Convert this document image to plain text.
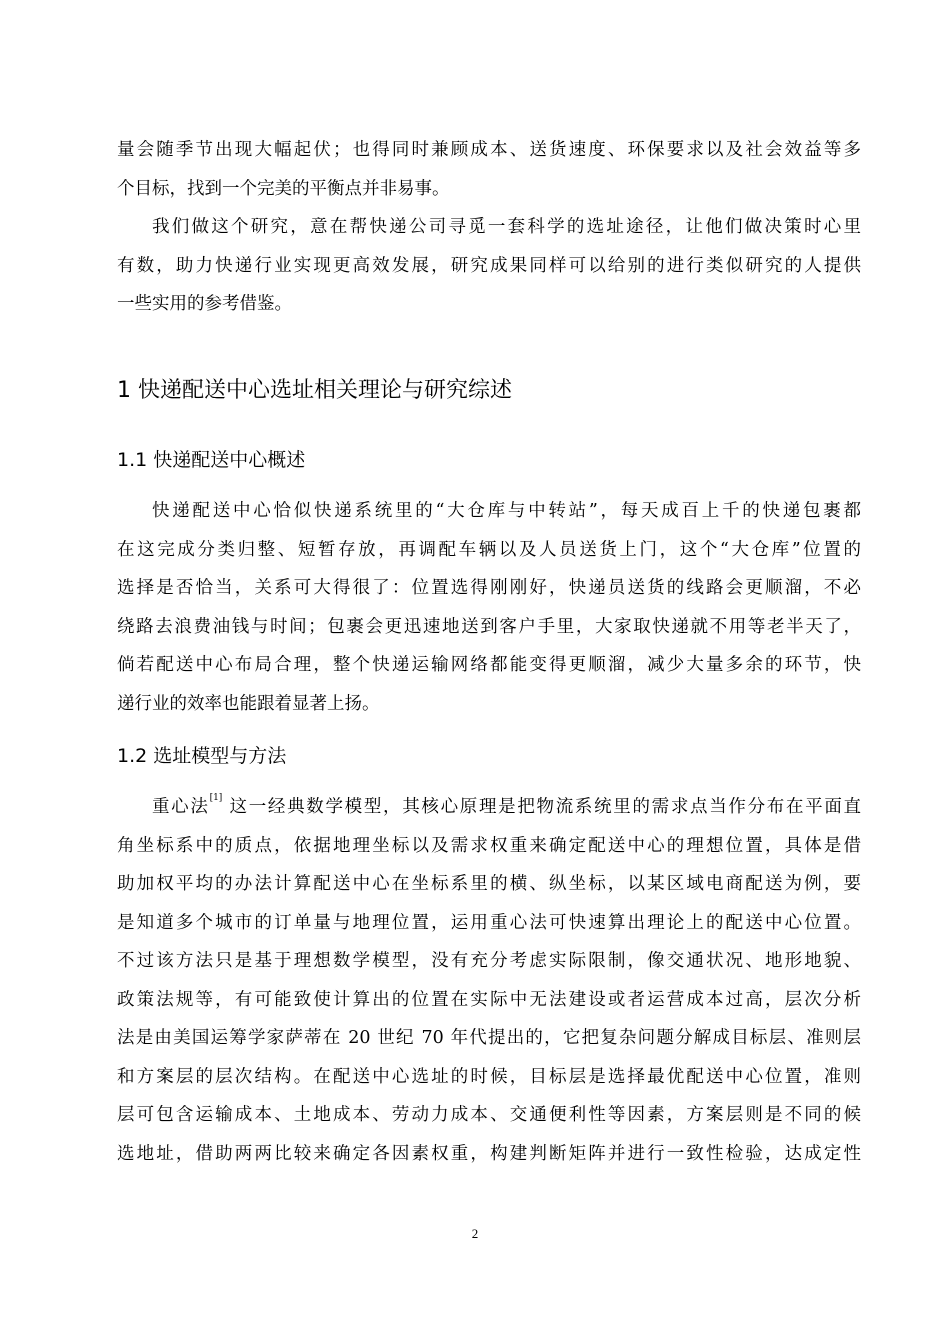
量会随季节出现大幅起伏；也得同时兼顾成本、送货速度、环保要求以及社会效益等多
个目标，找到一个完美的平衡点并非易事。
我们做这个研究，意在帮快递公司寻觅一套科学的选址途径，让他们做决策时心里
有数，助力快递行业实现更高效发展，研究成果同样可以给别的进行类似研究的人提供
一些实用的参考借鉴。
1 快递配送中心选址相关理论与研究综述
1.1 快递配送中心概述
快递配送中心恰似快递系统里的“大仓库与中转站”，每天成百上千的快递包裹都
在这完成分类归整、短暂存放，再调配车辆以及人员送货上门，这个“大仓库”位置的
选择是否恰当，关系可大得很了：位置选得刚刚好，快递员送货的线路会更顺溜，不必
绕路去浪费油钱与时间；包裹会更迅速地送到客户手里，大家取快递就不用等老半天了，
倘若配送中心布局合理，整个快递运输网络都能变得更顺溜，减少大量多余的环节，快
递行业的效率也能跟着显著上扬。
1.2 选址模型与方法
重心法[1] 这一经典数学模型，其核心原理是把物流系统里的需求点当作分布在平面直
角坐标系中的质点，依据地理坐标以及需求权重来确定配送中心的理想位置，具体是借
助加权平均的办法计算配送中心在坐标系里的横、纵坐标，以某区域电商配送为例，要
是知道多个城市的订单量与地理位置，运用重心法可快速算出理论上的配送中心位置。
不过该方法只是基于理想数学模型，没有充分考虑实际限制，像交通状况、地形地貌、
政策法规等，有可能致使计算出的位置在实际中无法建设或者运营成本过高，层次分析
法是由美国运筹学家萨蒂在 20 世纪 70 年代提出的，它把复杂问题分解成目标层、准则层
和方案层的层次结构。在配送中心选址的时候，目标层是选择最优配送中心位置，准则
层可包含运输成本、土地成本、劳动力成本、交通便利性等因素，方案层则是不同的候
选地址，借助两两比较来确定各因素权重，构建判断矩阵并进行一致性检验，达成定性
2
